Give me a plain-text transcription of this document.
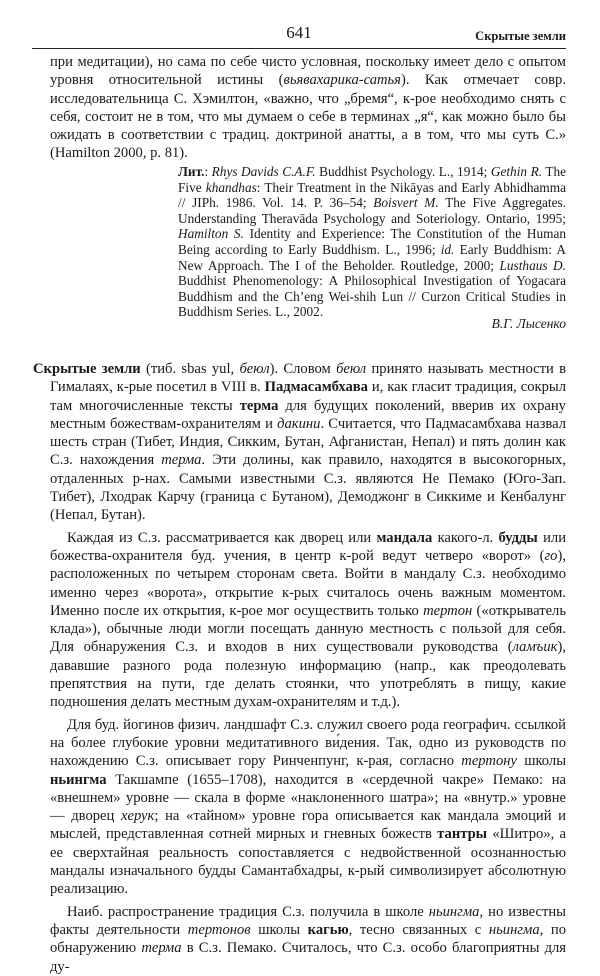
641	Скрытые земли
при медитации), но сама по себе чисто условная, поскольку имеет дело с опытом уровня относительной истины (вьявахарика-сатья). Как отмечает совр. исследовательница С. Хэмилтон, «важно, что „бремя“, к-рое необходимо снять с себя, состоит не в том, что мы думаем о себе в терминах „я“, как можно было бы ожидать в соответствии с традиц. доктриной анатты, а в том, что мы суть С.» (Hamilton 2000, p. 81).
Лит.: Rhys Davids C.A.F. Buddhist Psychology. L., 1914; Gethin R. The Five khandhas: Their Treatment in the Nikāyas and Early Abhidhamma // JIPh. 1986. Vol. 14. P. 36–54; Boisvert M. The Five Aggregates. Understanding Theravāda Psychology and Soteriology. Ontario, 1995; Hamilton S. Identity and Experience: The Constitution of the Human Being according to Early Buddhism. L., 1996; id. Early Buddhism: A New Approach. The I of the Beholder. Routledge, 2000; Lusthaus D. Buddhist Phenomenology: A Philosophical Investigation of Yogacara Buddhism and the Ch’eng Wei-shih Lun // Curzon Critical Studies in Buddhism Series. L., 2002.
В.Г. Лысенко

Скрытые земли (тиб. sbas yul, беюл). Словом беюл принято называть местности в Гималаях, к-рые посетил в VIII в. Падмасамбхава и, как гласит традиция, сокрыл там многочисленные тексты терма для будущих поколений, вверив их охрану местным божествам-охранителям и дакини. Считается, что Падмасамбхава назвал шесть стран (Тибет, Индия, Сикким, Бутан, Афганистан, Непал) и пять долин как С.з. нахождения терма. Эти долины, как правило, находятся в высокогорных, отдаленных р-нах. Самыми известными С.з. являются Не Пемако (Юго-Зап. Тибет), Лходрак Карчу (граница с Бутаном), Демоджонг в Сиккиме и Кенбалунг (Непал, Бутан).

Каждая из С.з. рассматривается как дворец или мандала какого-л. будды или божества-охранителя буд. учения, в центр к-рой ведут четверо «ворот» (го), расположенных по четырем сторонам света. Войти в мандалу С.з. необходимо именно через «ворота», открытие к-рых считалось очень важным моментом. Именно после их открытия, к-рое мог осуществить только тертон («открыватель клада»), обычные люди могли посещать данную местность с пользой для себя. Для обнаружения С.з. и входов в них существовали руководства (ламъик), дававшие разного рода полезную информацию (напр., как преодолевать препятствия на пути, где делать стоянки, что употреблять в пищу, какие подношения делать местным духам-охранителям и т.д.).

Для буд. йогинов физич. ландшафт С.з. служил своего рода географич. ссылкой на более глубокие уровни медитативного ви́дения. Так, одно из руководств по нахождению С.з. описывает гору Ринченпунг, к-рая, согласно тертону школы ньингма Такшампе (1655–1708), находится в «сердечной чакре» Пемако: на «внешнем» уровне — скала в форме «наклоненного шатра»; на «внутр.» уровне — дворец херук; на «тайном» уровне гора описывается как мандала эмоций и мыслей, представленная сотней мирных и гневных божеств тантры «Шитро», а ее сверхтайная реальность сопоставляется с недвойственной осознанностью мандалы изначального будды Самантабхадры, к-рый символизирует абсолютную реализацию.

Наиб. распространение традиция С.з. получила в школе ньингма, но известны факты деятельности тертонов школы кагью, тесно связанных с ньингма, по обнаружению терма в С.з. Пемако. Считалось, что С.з. особо благоприятны для ду-
